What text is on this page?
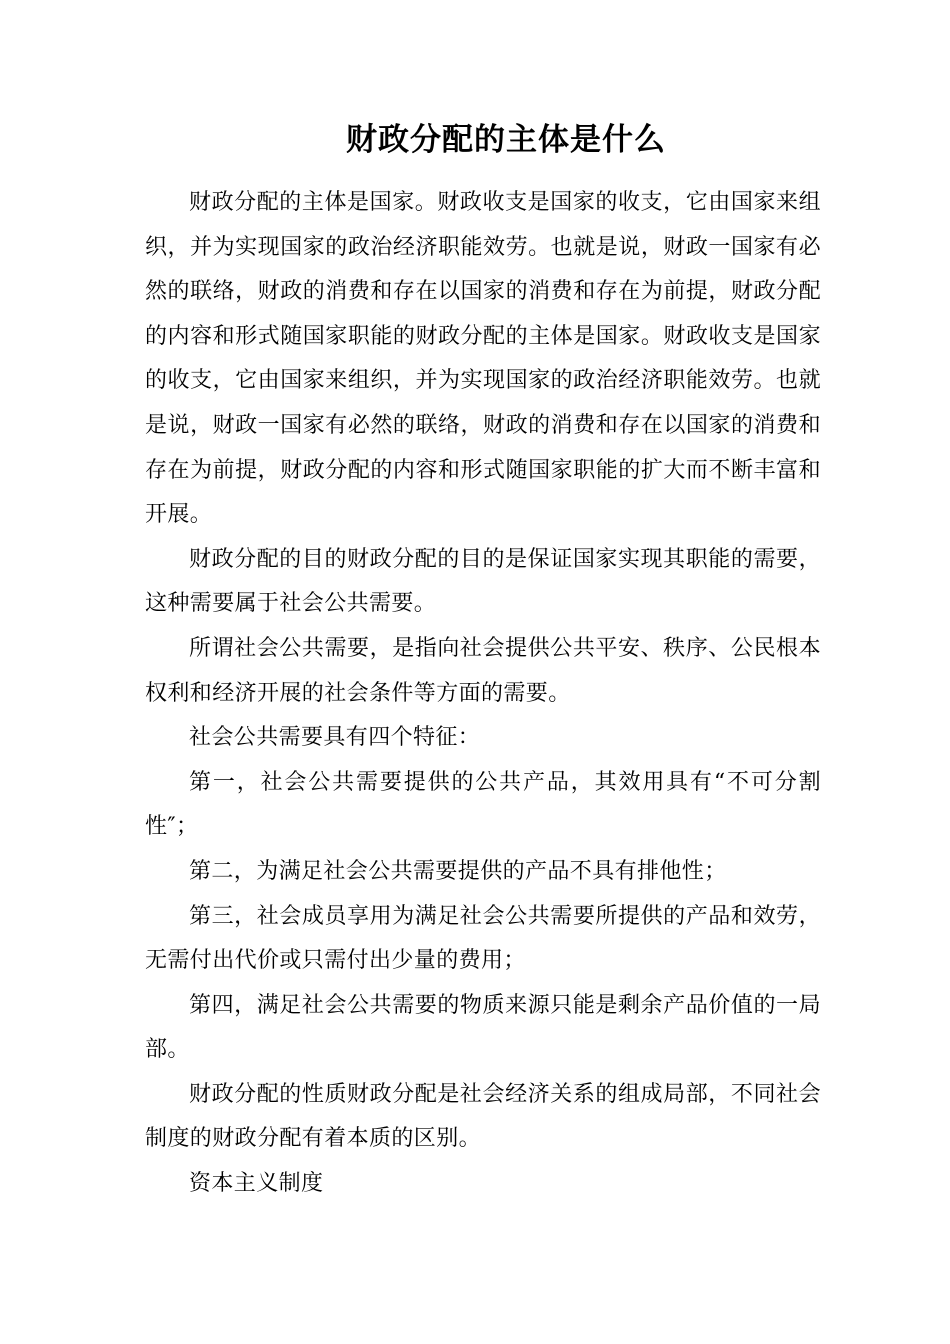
财政分配的主体是什么

财政分配的主体是国家。财政收支是国家的收支，它由国家来组织，并为实现国家的政治经济职能效劳。也就是说，财政一国家有必然的联络，财政的消费和存在以国家的消费和存在为前提，财政分配的内容和形式随国家职能的财政分配的主体是国家。财政收支是国家的收支，它由国家来组织，并为实现国家的政治经济职能效劳。也就是说，财政一国家有必然的联络，财政的消费和存在以国家的消费和存在为前提，财政分配的内容和形式随国家职能的扩大而不断丰富和开展。

财政分配的目的财政分配的目的是保证国家实现其职能的需要，这种需要属于社会公共需要。

所谓社会公共需要，是指向社会提供公共平安、秩序、公民根本权利和经济开展的社会条件等方面的需要。

社会公共需要具有四个特征：

第一，社会公共需要提供的公共产品，其效用具有“不可分割性″；

第二，为满足社会公共需要提供的产品不具有排他性；

第三，社会成员享用为满足社会公共需要所提供的产品和效劳，无需付出代价或只需付出少量的费用；

第四，满足社会公共需要的物质来源只能是剩余产品价值的一局部。

财政分配的性质财政分配是社会经济关系的组成局部，不同社会制度的财政分配有着本质的区别。

资本主义制度
